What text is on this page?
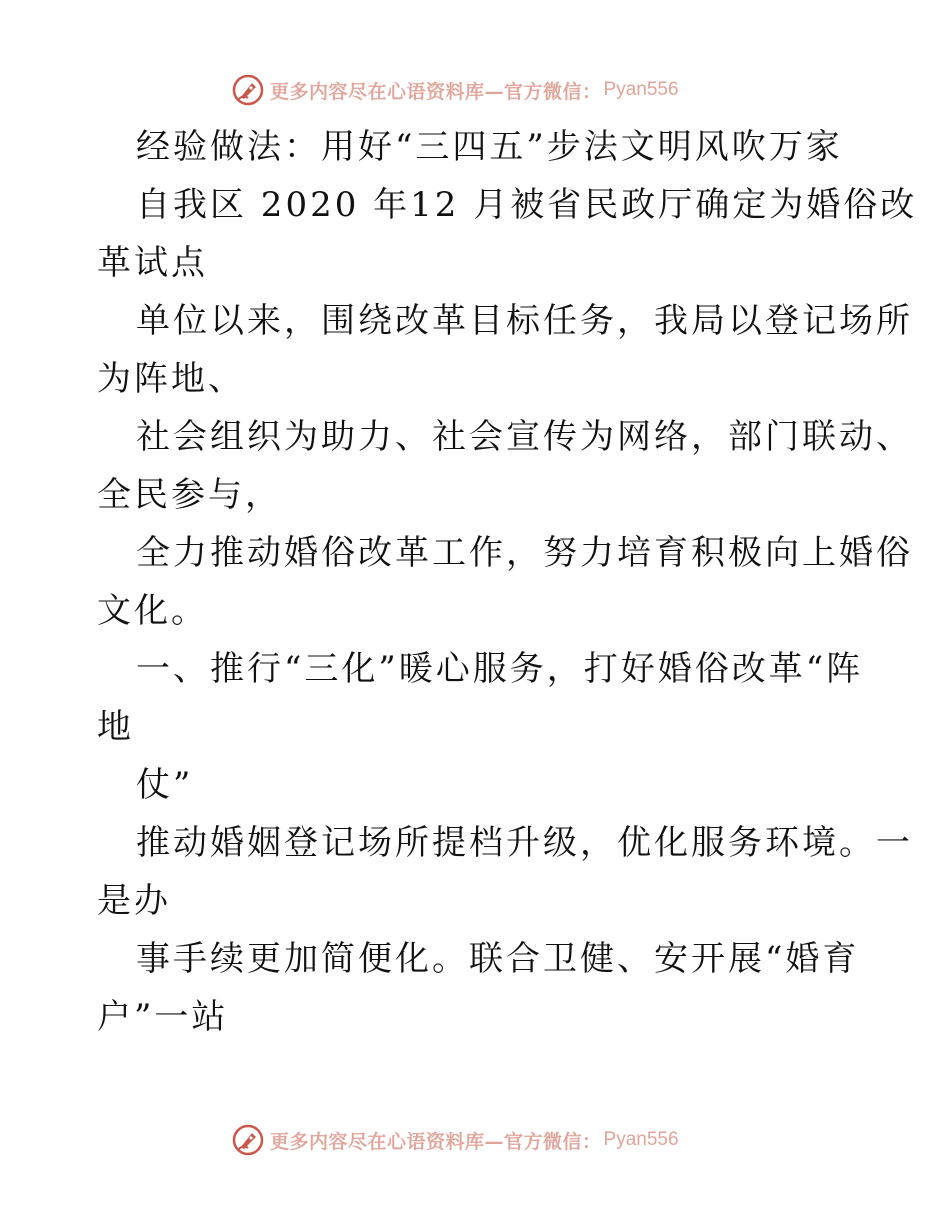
更多内容尽在心语资料库—官方微信： Pyan556
经验做法：用好“三四五”步法文明风吹万家
自我区 2020 年12 月被省民政厅确定为婚俗改
革试点
单位以来，围绕改革目标任务，我局以登记场所
为阵地、
社会组织为助力、社会宣传为网络，部门联动、
全民参与，
全力推动婚俗改革工作，努力培育积极向上婚俗
文化。
一、推行“三化”暖心服务，打好婚俗改革“阵
地
仗”
推动婚姻登记场所提档升级，优化服务环境。一
是办
事手续更加简便化。联合卫健、安开展“婚育
户”一站
更多内容尽在心语资料库—官方微信： Pyan556
